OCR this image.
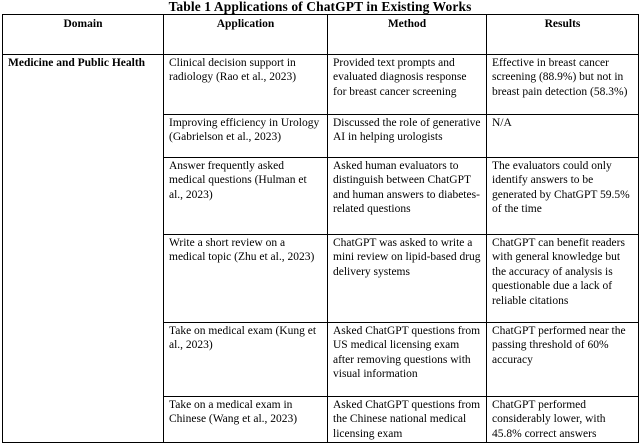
Table 1 Applications of ChatGPT in Existing Works
Domain	Application	Method	Results
Medicine and Public Health	Clinical decision support in radiology (Rao et al., 2023)	Provided text prompts and evaluated diagnosis response for breast cancer screening	Effective in breast cancer screening (88.9%) but not in breast pain detection (58.3%)
	Improving efficiency in Urology (Gabrielson et al., 2023)	Discussed the role of generative AI in helping urologists	N/A
	Answer frequently asked medical questions (Hulman et al., 2023)	Asked human evaluators to distinguish between ChatGPT and human answers to diabetes-related questions	The evaluators could only identify answers to be generated by ChatGPT 59.5% of the time
	Write a short review on a medical topic (Zhu et al., 2023)	ChatGPT was asked to write a mini review on lipid-based drug delivery systems	ChatGPT can benefit readers with general knowledge but the accuracy of analysis is questionable due a lack of reliable citations
	Take on medical exam (Kung et al., 2023)	Asked ChatGPT questions from US medical licensing exam after removing questions with visual information	ChatGPT performed near the passing threshold of 60% accuracy
	Take on a medical exam in Chinese (Wang et al., 2023)	Asked ChatGPT questions from the Chinese national medical licensing exam	ChatGPT performed considerably lower, with 45.8% correct answers
